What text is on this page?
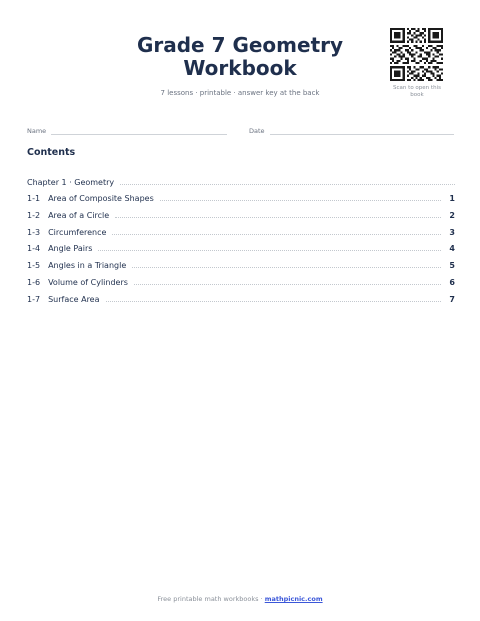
Grade 7 Geometry
Workbook
7 lessons · printable · answer key at the back
Scan to open this
book
Name	Date
Contents
Chapter 1 · Geometry
1-1 Area of Composite Shapes	1
1-2 Area of a Circle	2
1-3 Circumference	3
1-4 Angle Pairs	4
1-5 Angles in a Triangle	5
1-6 Volume of Cylinders	6
1-7 Surface Area	7
Free printable math workbooks · mathpicnic.com
